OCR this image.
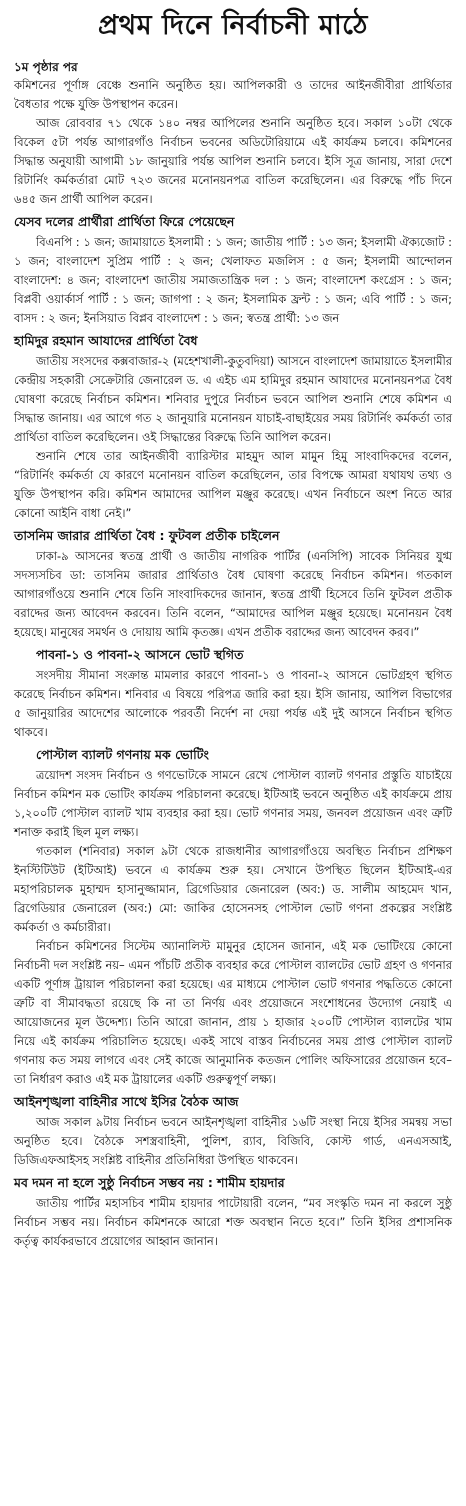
প্রথম দিনে নির্বাচনী মাঠে
১ম পৃষ্ঠার পর

কমিশনের পূর্ণাঙ্গ বেঞ্চে শুনানি অনুষ্ঠিত হয়। আপিলকারী ও তাদের আইনজীবীরা প্রার্থিতার বৈধতার পক্ষে যুক্তি উপস্থাপন করেন।

আজ রোববার ৭১ থেকে ১৪০ নম্বর আপিলের শুনানি অনুষ্ঠিত হবে। সকাল ১০টা থেকে বিকেল ৫টা পর্যন্ত আগারগাঁও নির্বাচন ভবনের অডিটোরিয়ামে এই কার্যক্রম চলবে। কমিশনের সিদ্ধান্ত অনুযায়ী আগামী ১৮ জানুয়ারি পর্যন্ত আপিল শুনানি চলবে। ইসি সূত্র জানায়, সারা দেশে রিটার্নিং কর্মকর্তারা মোট ৭২৩ জনের মনোনয়নপত্র বাতিল করেছিলেন। এর বিরুদ্ধে পাঁচ দিনে ৬৪৫ জন প্রার্থী আপিল করেন।

যেসব দলের প্রার্থীরা প্রার্থিতা ফিরে পেয়েছেন

বিএনপি : ১ জন; জামায়াতে ইসলামী : ১ জন; জাতীয় পার্টি : ১৩ জন; ইসলামী ঐক্যজোট : ১ জন; বাংলাদেশ সুপ্রিম পার্টি : ২ জন; খেলাফত মজলিস : ৫ জন; ইসলামী আন্দোলন বাংলাদেশ: ৪ জন; বাংলাদেশ জাতীয় সমাজতান্ত্রিক দল : ১ জন; বাংলাদেশ কংগ্রেস : ১ জন; বিপ্লবী ওয়ার্কার্স পার্টি : ১ জন; জাগপা : ২ জন; ইসলামিক ফ্রন্ট : ১ জন; এবি পার্টি : ১ জন; বাসদ : ২ জন; ইনসিয়াত বিপ্লব বাংলাদেশ : ১ জন; স্বতন্ত্র প্রার্থী: ১৩ জন

হামিদুর রহমান আযাদের প্রার্থিতা বৈধ

জাতীয় সংসদের কক্সবাজার-২ (মহেশখালী-কুতুবদিয়া) আসনে বাংলাদেশ জামায়াতে ইসলামীর কেন্দ্রীয় সহকারী সেক্রেটারি জেনারেল ড. এ এইচ এম হামিদুর রহমান আযাদের মনোনয়নপত্র বৈধ ঘোষণা করেছে নির্বাচন কমিশন। শনিবার দুপুরে নির্বাচন ভবনে আপিল শুনানি শেষে কমিশন এ সিদ্ধান্ত জানায়। এর আগে গত ২ জানুয়ারি মনোনয়ন যাচাই-বাছাইয়ের সময় রিটার্নিং কর্মকর্তা তার প্রার্থিতা বাতিল করেছিলেন। ওই সিদ্ধান্তের বিরুদ্ধে তিনি আপিল করেন।

শুনানি শেষে তার আইনজীবী ব্যারিস্টার মাহমুদ আল মামুন হিমু সাংবাদিকদের বলেন, “রিটার্নিং কর্মকর্তা যে কারণে মনোনয়ন বাতিল করেছিলেন, তার বিপক্ষে আমরা যথাযথ তথ্য ও যুক্তি উপস্থাপন করি। কমিশন আমাদের আপিল মঞ্জুর করেছে। এখন নির্বাচনে অংশ নিতে আর কোনো আইনি বাধা নেই।”

তাসনিম জারার প্রার্থিতা বৈধ : ফুটবল প্রতীক চাইলেন

ঢাকা-৯ আসনের স্বতন্ত্র প্রার্থী ও জাতীয় নাগরিক পার্টির (এনসিপি) সাবেক সিনিয়র যুগ্ম সদস্যসচিব ডা: তাসনিম জারার প্রার্থিতাও বৈধ ঘোষণা করেছে নির্বাচন কমিশন। গতকাল আগারগাঁওয়ে শুনানি শেষে তিনি সাংবাদিকদের জানান, স্বতন্ত্র প্রার্থী হিসেবে তিনি ফুটবল প্রতীক বরাদ্দের জন্য আবেদন করবেন। তিনি বলেন, “আমাদের আপিল মঞ্জুর হয়েছে। মনোনয়ন বৈধ হয়েছে। মানুষের সমর্থন ও দোয়ায় আমি কৃতজ্ঞ। এখন প্রতীক বরাদ্দের জন্য আবেদন করব।”

পাবনা-১ ও পাবনা-২ আসনে ভোট স্থগিত

সংসদীয় সীমানা সংক্রান্ত মামলার কারণে পাবনা-১ ও পাবনা-২ আসনে ভোটগ্রহণ স্থগিত করেছে নির্বাচন কমিশন। শনিবার এ বিষয়ে পরিপত্র জারি করা হয়। ইসি জানায়, আপিল বিভাগের ৫ জানুয়ারির আদেশের আলোকে পরবর্তী নির্দেশ না দেয়া পর্যন্ত এই দুই আসনে নির্বাচন স্থগিত থাকবে।

পোস্টাল ব্যালট গণনায় মক ভোটিং

ত্রয়োদশ সংসদ নির্বাচন ও গণভোটকে সামনে রেখে পোস্টাল ব্যালট গণনার প্রস্তুতি যাচাইয়ে নির্বাচন কমিশন মক ভোটিং কার্যক্রম পরিচালনা করেছে। ইটিআই ভবনে অনুষ্ঠিত এই কার্যক্রমে প্রায় ১,২০০টি পোস্টাল ব্যালট খাম ব্যবহার করা হয়। ভোট গণনার সময়, জনবল প্রয়োজন এবং ত্রুটি শনাক্ত করাই ছিল মূল লক্ষ্য।

গতকাল (শনিবার) সকাল ৯টা থেকে রাজধানীর আগারগাঁওয়ে অবস্থিত নির্বাচন প্রশিক্ষণ ইনস্টিটিউট (ইটিআই) ভবনে এ কার্যক্রম শুরু হয়। সেখানে উপস্থিত ছিলেন ইটিআই-এর মহাপরিচালক মুহাম্মদ হাসানুজ্জামান, ব্রিগেডিয়ার জেনারেল (অব:) ড. সালীম আহমেদ খান, ব্রিগেডিয়ার জেনারেল (অব:) মো: জাকির হোসেনসহ পোস্টাল ভোট গণনা প্রকল্পের সংশ্লিষ্ট কর্মকর্তা ও কর্মচারীরা।

নির্বাচন কমিশনের সিস্টেম অ্যানালিস্ট মামুনুর হোসেন জানান, এই মক ভোটিংয়ে কোনো নির্বাচনী দল সংশ্লিষ্ট নয়– এমন পাঁচটি প্রতীক ব্যবহার করে পোস্টাল ব্যালটের ভোট গ্রহণ ও গণনার একটি পূর্ণাঙ্গ ট্রায়াল পরিচালনা করা হয়েছে। এর মাধ্যমে পোস্টাল ভোট গণনার পদ্ধতিতে কোনো ত্রুটি বা সীমাবদ্ধতা রয়েছে কি না তা নির্ণয় এবং প্রয়োজনে সংশোধনের উদ্যোগ নেয়াই এ আয়োজনের মূল উদ্দেশ্য। তিনি আরো জানান, প্রায় ১ হাজার ২০০টি পোস্টাল ব্যালটের খাম নিয়ে এই কার্যক্রম পরিচালিত হয়েছে। একই সাথে বাস্তব নির্বাচনের সময় প্রাপ্ত পোস্টাল ব্যালট গণনায় কত সময় লাগবে এবং সেই কাজে আনুমানিক কতজন পোলিং অফিসারের প্রয়োজন হবে– তা নির্ধারণ করাও এই মক ট্রায়ালের একটি গুরুত্বপূর্ণ লক্ষ্য।

আইনশৃঙ্খলা বাহিনীর সাথে ইসির বৈঠক আজ

আজ সকাল ৯টায় নির্বাচন ভবনে আইনশৃঙ্খলা বাহিনীর ১৬টি সংস্থা নিয়ে ইসির সমন্বয় সভা অনুষ্ঠিত হবে। বৈঠকে সশস্ত্রবাহিনী, পুলিশ, র‌্যাব, বিজিবি, কোস্ট গার্ড, এনএসআই, ডিজিএফআইসহ সংশ্লিষ্ট বাহিনীর প্রতিনিধিরা উপস্থিত থাকবেন।

মব দমন না হলে সুষ্ঠু নির্বাচন সম্ভব নয় : শামীম হায়দার

জাতীয় পার্টির মহাসচিব শামীম হায়দার পাটোয়ারী বলেন, “মব সংস্কৃতি দমন না করলে সুষ্ঠু নির্বাচন সম্ভব নয়। নির্বাচন কমিশনকে আরো শক্ত অবস্থান নিতে হবে।” তিনি ইসির প্রশাসনিক কর্তৃত্ব কার্যকরভাবে প্রয়োগের আহ্বান জানান।
